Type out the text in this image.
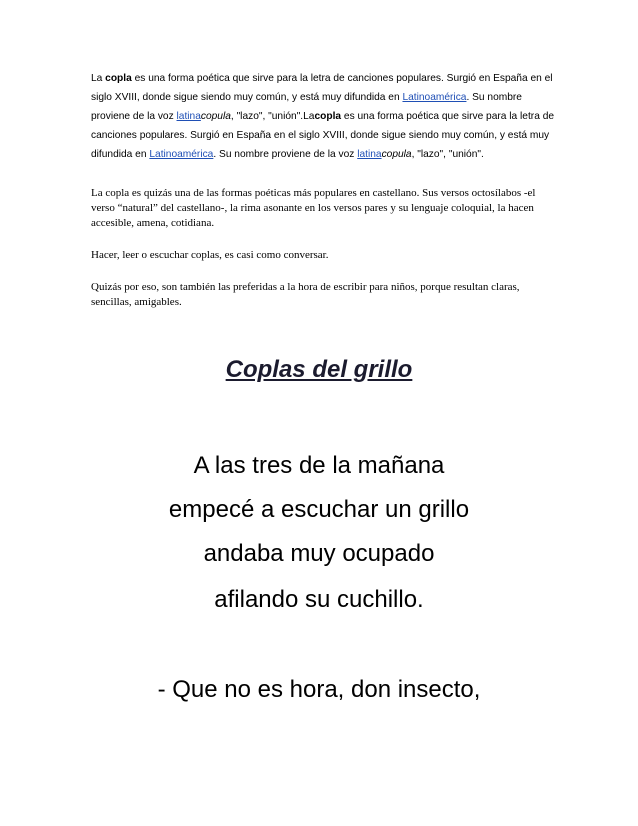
La copla es una forma poética que sirve para la letra de canciones populares. Surgió en España en el siglo XVIII, donde sigue siendo muy común, y está muy difundida en Latinoamérica. Su nombre proviene de la voz latinacopula, "lazo", "unión".Lacopla es una forma poética que sirve para la letra de canciones populares. Surgió en España en el siglo XVIII, donde sigue siendo muy común, y está muy difundida en Latinoamérica. Su nombre proviene de la voz latinacopula, "lazo", "unión".
La copla es quizás una de las formas poéticas más populares en castellano. Sus versos octosílabos -el verso “natural” del castellano-, la rima asonante en los versos pares y su lenguaje coloquial, la hacen accesible, amena, cotidiana.
Hacer, leer o escuchar coplas, es casi como conversar.
Quizás por eso, son también las preferidas a la hora de escribir para niños, porque resultan claras, sencillas, amigables.
Coplas del grillo
A las tres de la mañana
empecé a escuchar un grillo
andaba muy ocupado
afilando su cuchillo.
- Que no es hora, don insecto,
